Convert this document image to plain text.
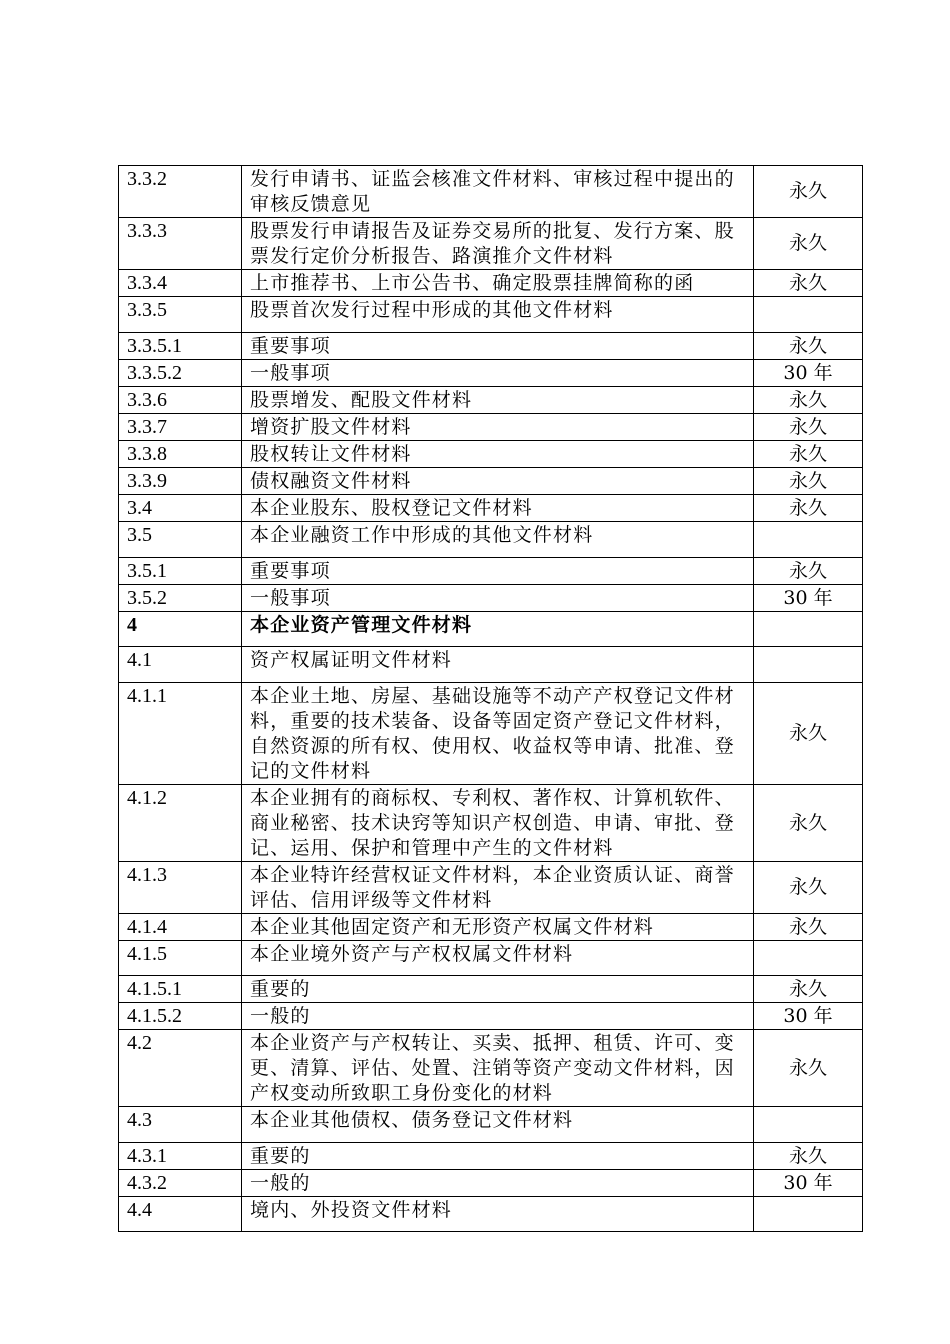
3.3.2	发行申请书、证监会核准文件材料、审核过程中提出的审核反馈意见	永久
3.3.3	股票发行申请报告及证券交易所的批复、发行方案、股票发行定价分析报告、路演推介文件材料	永久
3.3.4	上市推荐书、上市公告书、确定股票挂牌简称的函	永久
3.3.5	股票首次发行过程中形成的其他文件材料	
3.3.5.1	重要事项	永久
3.3.5.2	一般事项	30 年
3.3.6	股票增发、配股文件材料	永久
3.3.7	增资扩股文件材料	永久
3.3.8	股权转让文件材料	永久
3.3.9	债权融资文件材料	永久
3.4	本企业股东、股权登记文件材料	永久
3.5	本企业融资工作中形成的其他文件材料	
3.5.1	重要事项	永久
3.5.2	一般事项	30 年
4	本企业资产管理文件材料	
4.1	资产权属证明文件材料	
4.1.1	本企业土地、房屋、基础设施等不动产产权登记文件材料，重要的技术装备、设备等固定资产登记文件材料，自然资源的所有权、使用权、收益权等申请、批准、登记的文件材料	永久
4.1.2	本企业拥有的商标权、专利权、著作权、计算机软件、商业秘密、技术诀窍等知识产权创造、申请、审批、登记、运用、保护和管理中产生的文件材料	永久
4.1.3	本企业特许经营权证文件材料，本企业资质认证、商誉评估、信用评级等文件材料	永久
4.1.4	本企业其他固定资产和无形资产权属文件材料	永久
4.1.5	本企业境外资产与产权权属文件材料	
4.1.5.1	重要的	永久
4.1.5.2	一般的	30 年
4.2	本企业资产与产权转让、买卖、抵押、租赁、许可、变更、清算、评估、处置、注销等资产变动文件材料，因产权变动所致职工身份变化的材料	永久
4.3	本企业其他债权、债务登记文件材料	
4.3.1	重要的	永久
4.3.2	一般的	30 年
4.4	境内、外投资文件材料	
